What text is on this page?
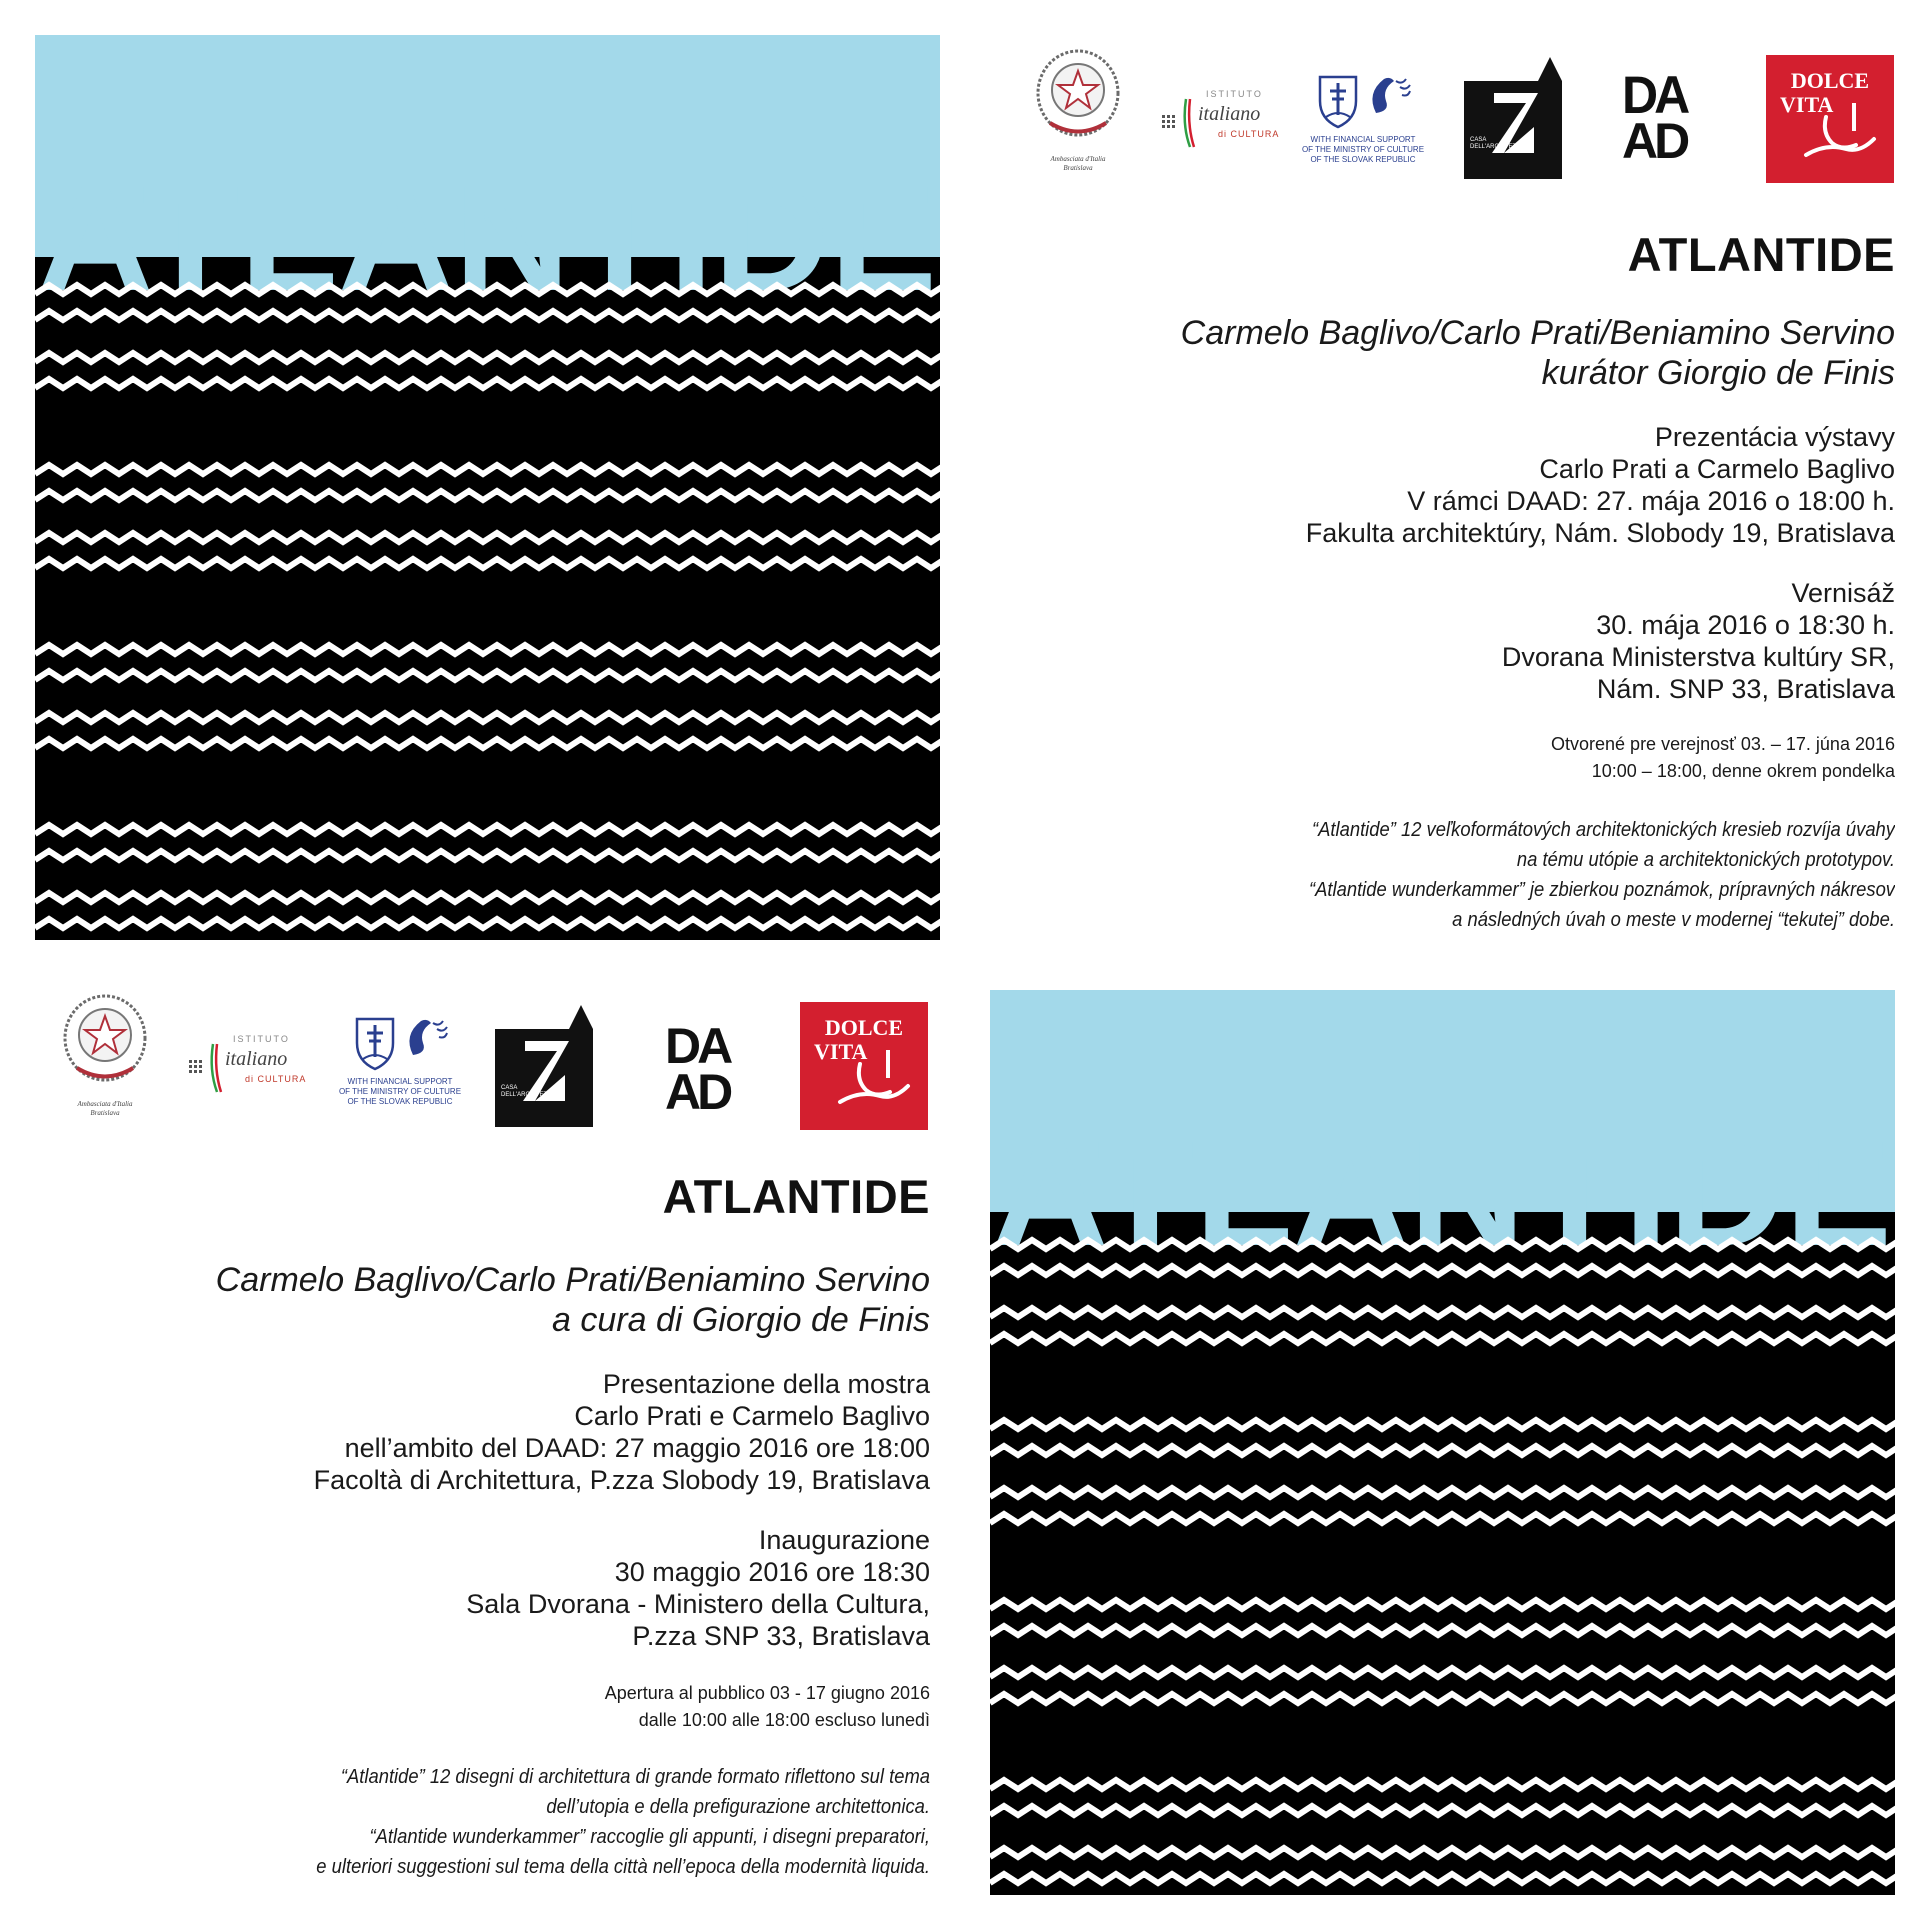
ATLANTIDE
ATLANTIDE
Ambasciata d'Italia
Bratislava
ISTITUTO
italiano
di CULTURA
WITH FINANCIAL SUPPORT
OF THE MINISTRY OF CULTURE
OF THE SLOVAK REPUBLIC
CASA DELL'ARCHITETTURA
DA
AD
DOLCE
VITA
ATLANTIDE
Carmelo Baglivo/Carlo Prati/Beniamino Servino
kurátor Giorgio de Finis
Prezentácia výstavy
Carlo Prati a Carmelo Baglivo
V rámci DAAD: 27. mája 2016 o 18:00 h.
Fakulta architektúry, Nám. Slobody 19, Bratislava
Vernisáž
30. mája 2016 o 18:30 h.
Dvorana Ministerstva kultúry SR,
Nám. SNP 33, Bratislava
Otvorené pre verejnosť 03. – 17. júna 2016
10:00 – 18:00, denne okrem pondelka
“Atlantide” 12 veľkoformátových architektonických kresieb rozvíja úvahy
na tému utópie a architektonických prototypov.
“Atlantide wunderkammer” je zbierkou poznámok, prípravných nákresov
a následných úvah o meste v modernej “tekutej” dobe.
Ambasciata d'Italia
Bratislava
ISTITUTO
italiano
di CULTURA	WITH FINANCIAL SUPPORT
OF THE MINISTRY OF CULTURE
OF THE SLOVAK REPUBLIC
CASA DELL'ARCHITETTURA
DA
AD
DOLCE
VITA
ATLANTIDE
Carmelo Baglivo/Carlo Prati/Beniamino Servino
a cura di Giorgio de Finis
Presentazione della mostra
Carlo Prati e Carmelo Baglivo
nell’ambito del DAAD: 27 maggio 2016 ore 18:00
Facoltà di Architettura, P.zza Slobody 19, Bratislava
Inaugurazione
30 maggio 2016 ore 18:30
Sala Dvorana - Ministero della Cultura,
P.zza SNP 33, Bratislava
Apertura al pubblico 03 - 17 giugno 2016
dalle 10:00 alle 18:00 escluso lunedì
“Atlantide” 12 disegni di architettura di grande formato riflettono sul tema
dell’utopia e della prefigurazione architettonica.
“Atlantide wunderkammer” raccoglie gli appunti, i disegni preparatori,
e ulteriori suggestioni sul tema della città nell’epoca della modernità liquida.
